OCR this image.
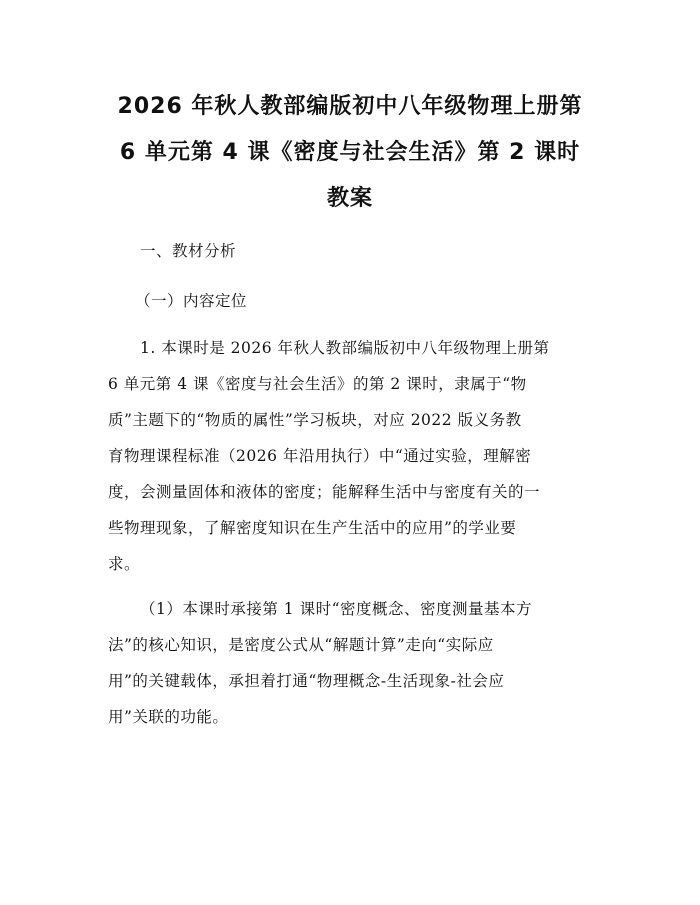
2026 年秋人教部编版初中八年级物理上册第
6 单元第 4 课《密度与社会生活》第 2 课时
教案
一、教材分析
（一）内容定位
1. 本课时是 2026 年秋人教部编版初中八年级物理上册第
6 单元第 4 课《密度与社会生活》的第 2 课时，隶属于“物
质”主题下的“物质的属性”学习板块，对应 2022 版义务教
育物理课程标准（2026 年沿用执行）中“通过实验，理解密
度，会测量固体和液体的密度；能解释生活中与密度有关的一
些物理现象，了解密度知识在生产生活中的应用”的学业要
求。
（1）本课时承接第 1 课时“密度概念、密度测量基本方
法”的核心知识，是密度公式从“解题计算”走向“实际应
用”的关键载体，承担着打通“物理概念-生活现象-社会应
用”关联的功能。
